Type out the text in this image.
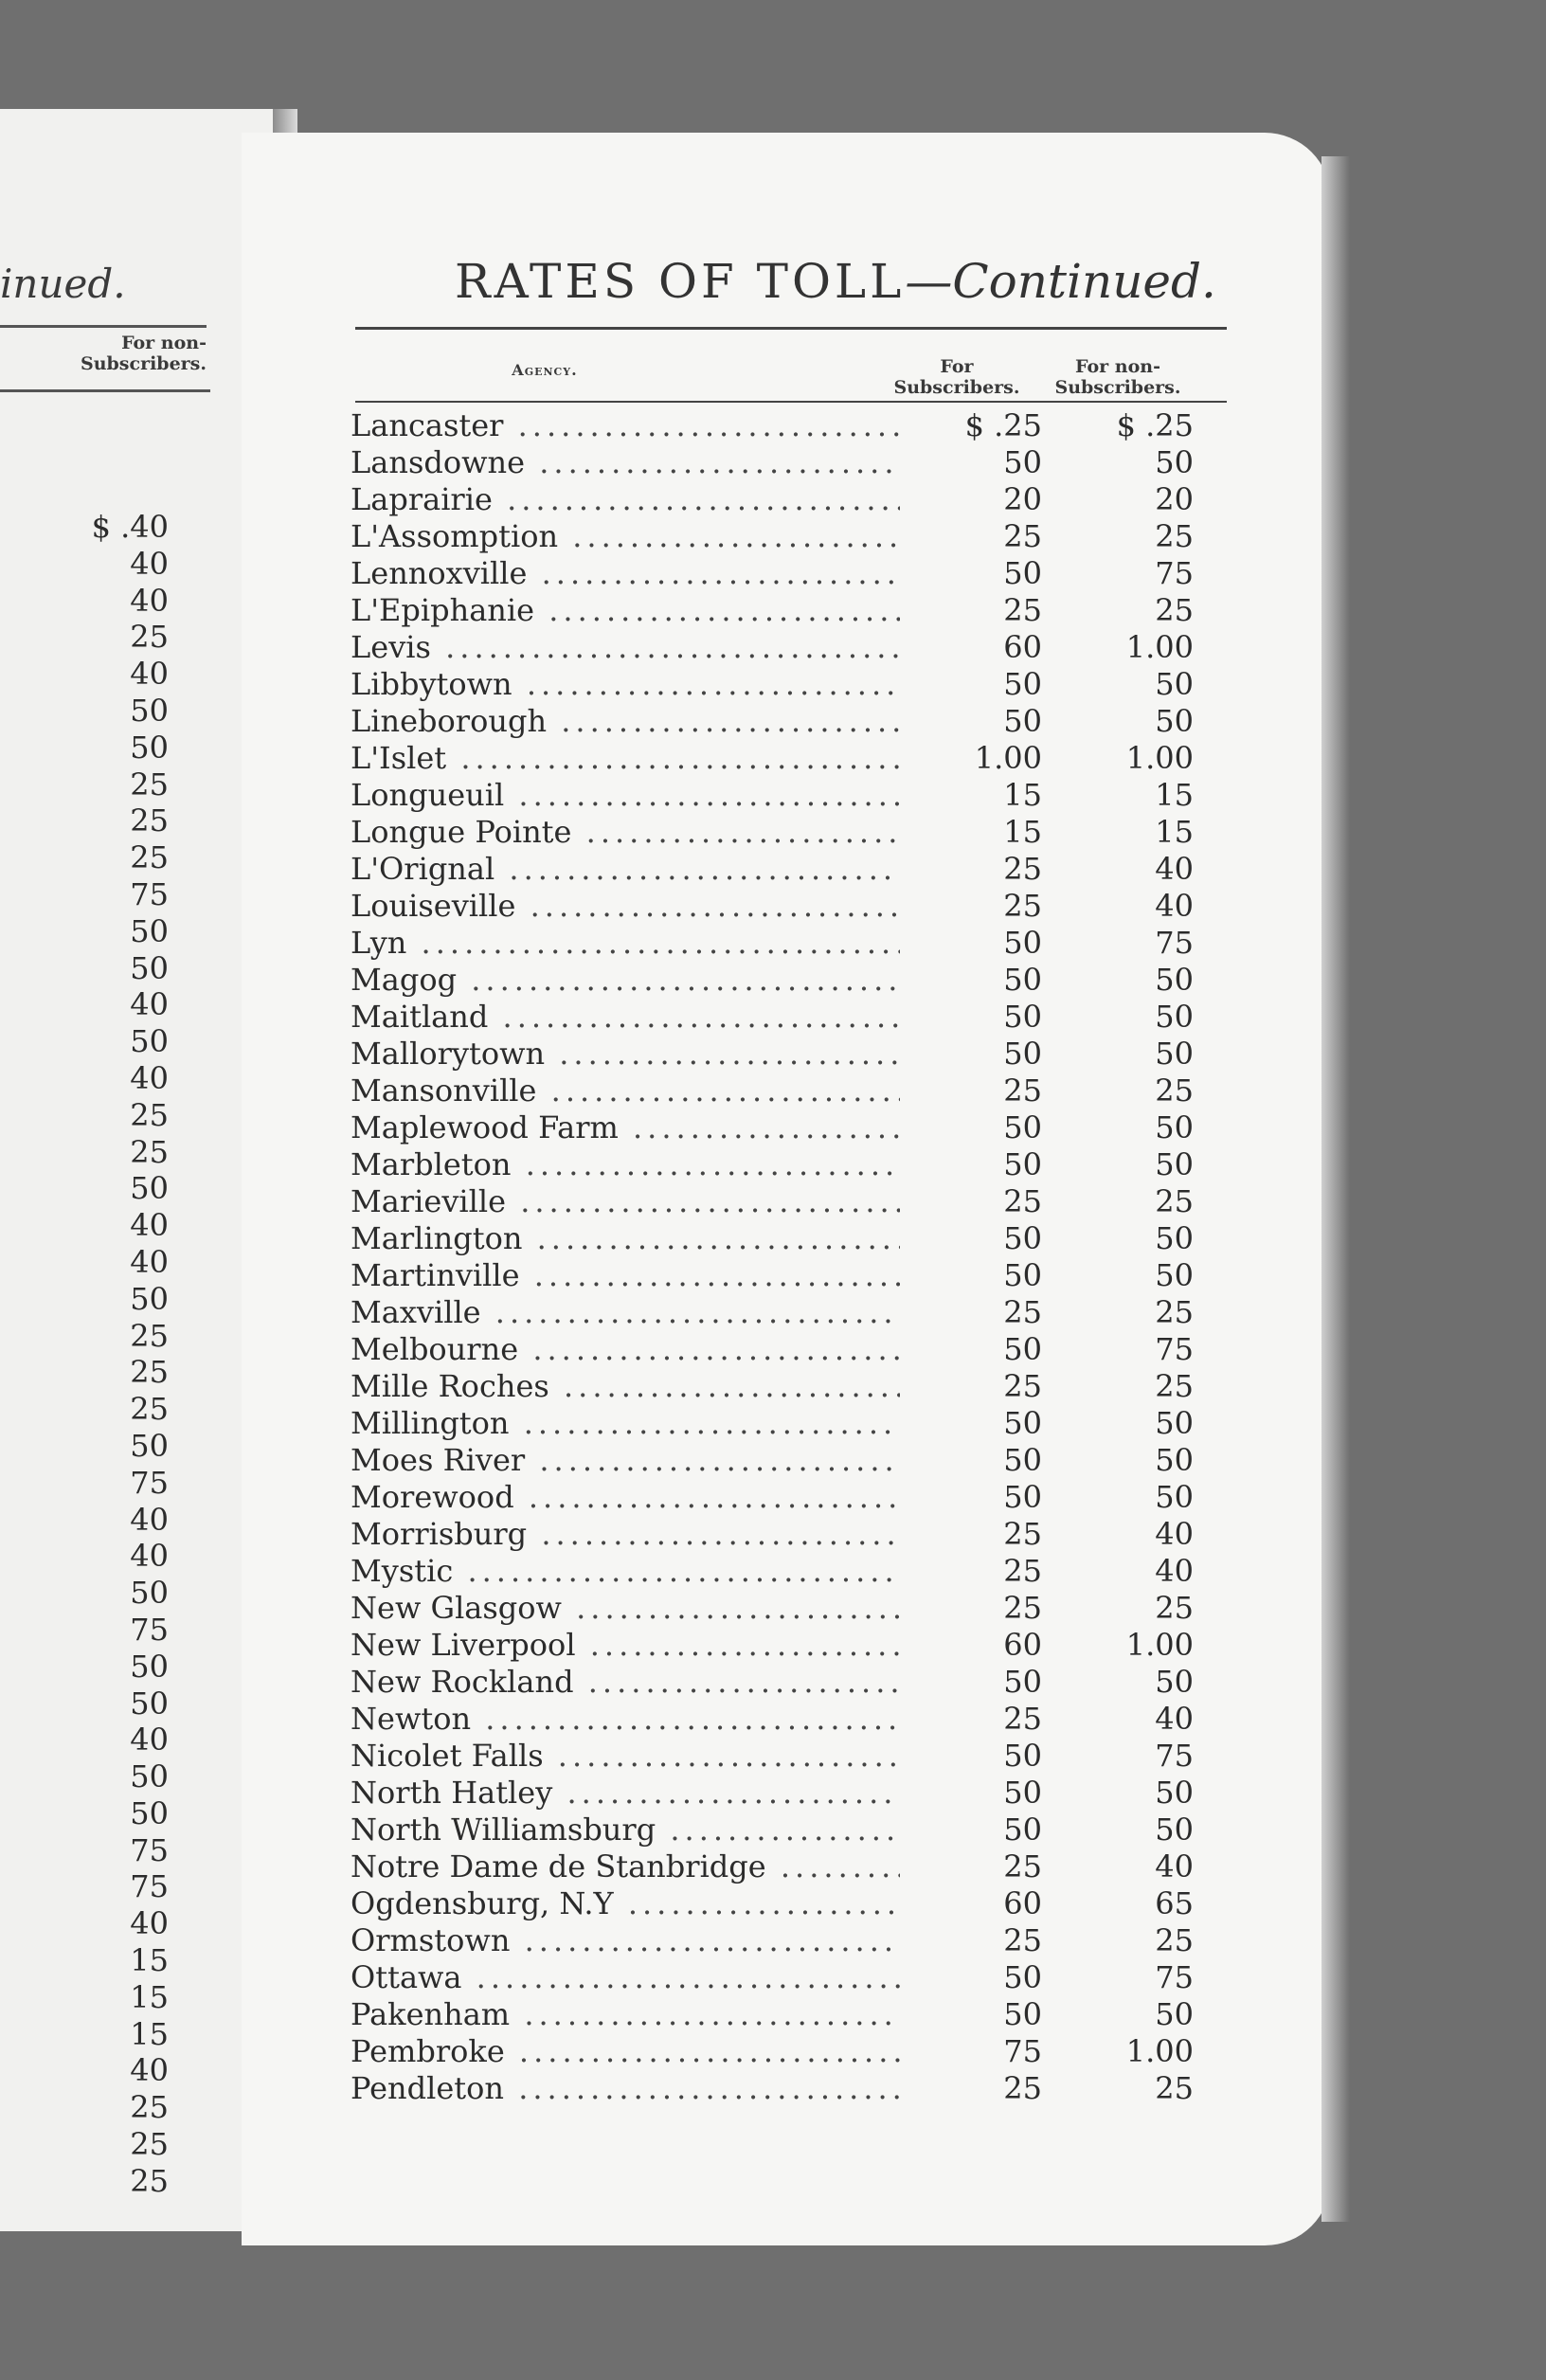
inued.
For non-
Subscribers.
$ .40
40
40
25
40
50
50
25
25
25
75
50
50
40
50
40
25
25
50
40
40
50
25
25
25
50
75
40
40
50
75
50
50
40
50
50
75
75
40
15
15
15
40
25
25
25
RATES OF TOLL—Continued.
Agency.	For
Subscribers.
For non-
Subscribers.
Lancaster .....	$ .25 $ .25
Lansdowne .....	50	50
Laprairie .....	20	20
L'Assomption .....	25	25
Lennoxville .....	50	75
L'Epiphanie .....	25	25
Levis .....	60	1.00
Libbytown .....	50	50
Lineborough .....	50	50
L'Islet .....	1.00	1.00
Longueuil .....	15	15
Longue Pointe .....	15	15
L'Orignal .....	25	40
Louiseville .....	25	40
Lyn .....	50	75
Magog .....	50	50
Maitland .....	50	50
Mallorytown .....	50	50
Mansonville .....	25	25
Maplewood Farm .....	50	50
Marbleton .....	50	50
Marieville .....	25	25
Marlington .....	50	50
Martinville .....	50	50
Maxville .....	25	25
Melbourne .....	50	75
Mille Roches .....	25	25
Millington .....	50	50
Moes River .....	50	50
Morewood .....	50	50
Morrisburg .....	25	40
Mystic .....	25	40
New Glasgow .....	25	25
New Liverpool .....	60	1.00
New Rockland .....	50	50
Newton .....	25	40
Nicolet Falls .....	50	75
North Hatley .....	50	50
North Williamsburg .....	50	50
Notre Dame de Stanbridge .....	25	40
Ogdensburg, N.Y .....	60	65
Ormstown .....	25	25
Ottawa .....	50	75
Pakenham .....	50	50
Pembroke .....	75	1.00
Pendleton .....	25	25
